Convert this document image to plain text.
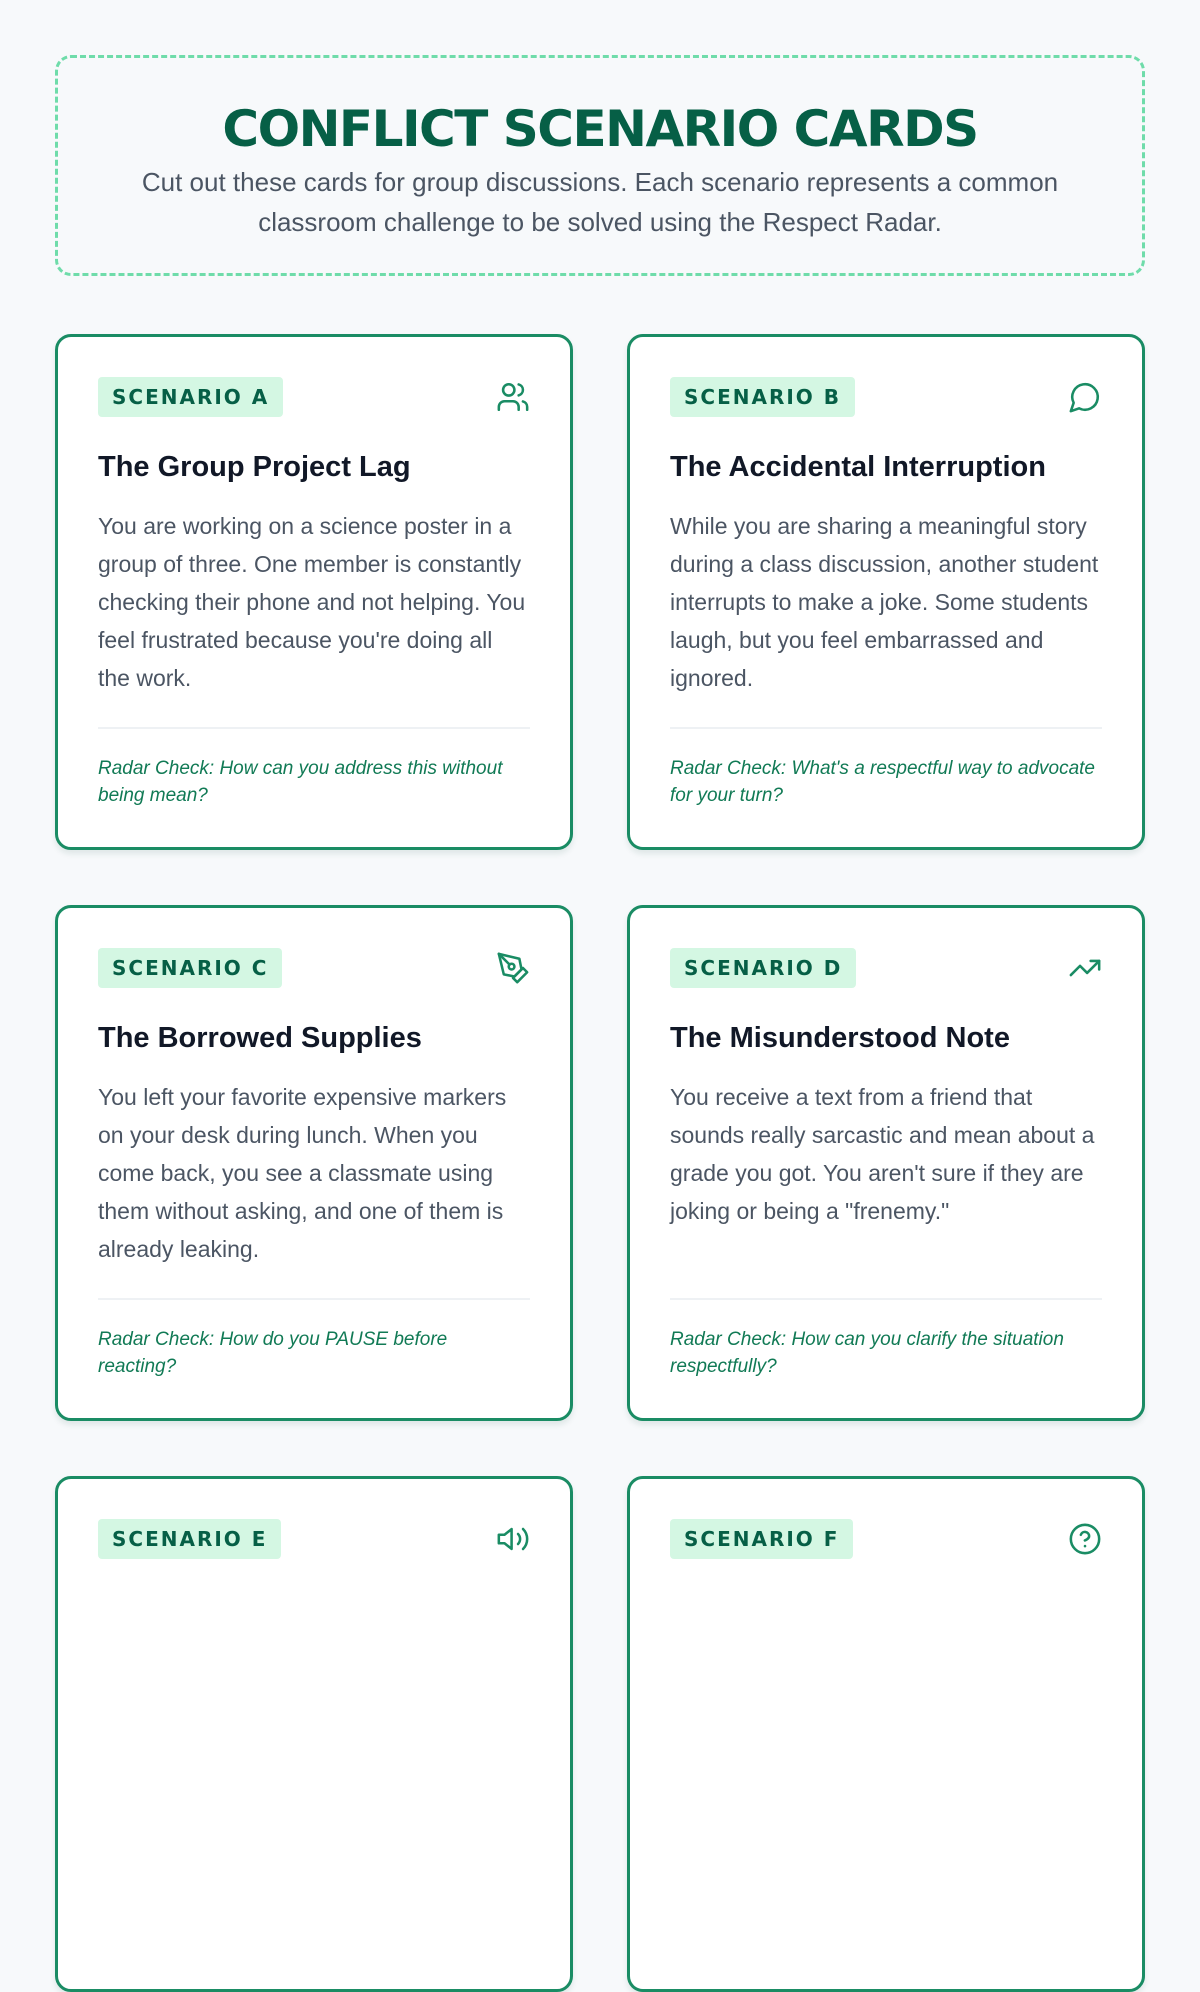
CONFLICT SCENARIO CARDS

Cut out these cards for group discussions. Each scenario represents a common classroom challenge to be solved using the Respect Radar.

SCENARIO A
The Group Project Lag

You are working on a science poster in a group of three. One member is constantly checking their phone and not helping. You feel frustrated because you're doing all the work.

Radar Check: How can you address this without being mean?

SCENARIO B
The Accidental Interruption

While you are sharing a meaningful story during a class discussion, another student interrupts to make a joke. Some students laugh, but you feel embarrassed and ignored.

Radar Check: What's a respectful way to advocate for your turn?

SCENARIO C
The Borrowed Supplies

You left your favorite expensive markers on your desk during lunch. When you come back, you see a classmate using them without asking, and one of them is already leaking.

Radar Check: How do you PAUSE before reacting?

SCENARIO D
The Misunderstood Note

You receive a text from a friend that sounds really sarcastic and mean about a grade you got. You aren't sure if they are joking or being a "frenemy."

Radar Check: How can you clarify the situation respectfully?

SCENARIO E	SCENARIO F
